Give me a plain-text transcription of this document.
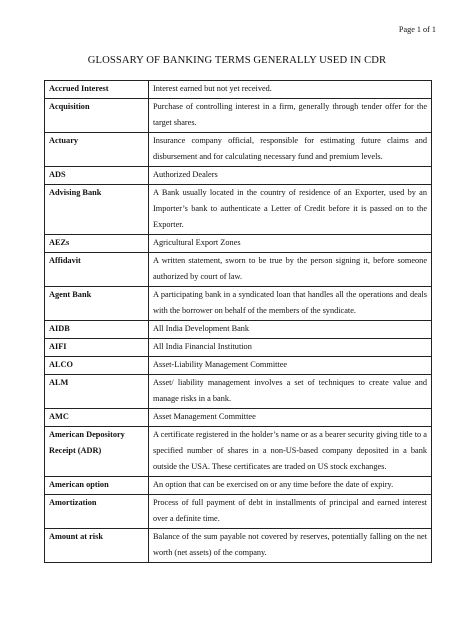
Page 1 of 1
GLOSSARY OF BANKING TERMS GENERALLY USED IN CDR
Accrued Interest	Interest earned but not yet received.
Acquisition	Purchase of controlling interest in a firm, generally through tender offer for the target shares.
Actuary	Insurance company official, responsible for estimating future claims and disbursement and for calculating necessary fund and premium levels.
ADS	Authorized Dealers
Advising Bank	A Bank usually located in the country of residence of an Exporter, used by an Importer’s bank to authenticate a Letter of Credit before it is passed on to the Exporter.
AEZs	Agricultural Export Zones
Affidavit	A written statement, sworn to be true by the person signing it, before someone authorized by court of law.
Agent Bank	A participating bank in a syndicated loan that handles all the operations and deals with the borrower on behalf of the members of the syndicate.
AIDB	All India Development Bank
AIFI	All India Financial Institution
ALCO	Asset-Liability Management Committee
ALM	Asset/ liability management involves a set of techniques to create value and manage risks in a bank.
AMC	Asset Management Committee
American Depository Receipt (ADR)	A certificate registered in the holder’s name or as a bearer security giving title to a specified number of shares in a non-US-based company deposited in a bank outside the USA. These certificates are traded on US stock exchanges.
American option	An option that can be exercised on or any time before the date of expiry.
Amortization	Process of full payment of debt in installments of principal and earned interest over a definite time.
Amount at risk	Balance of the sum payable not covered by reserves, potentially falling on the net worth (net assets) of the company.
